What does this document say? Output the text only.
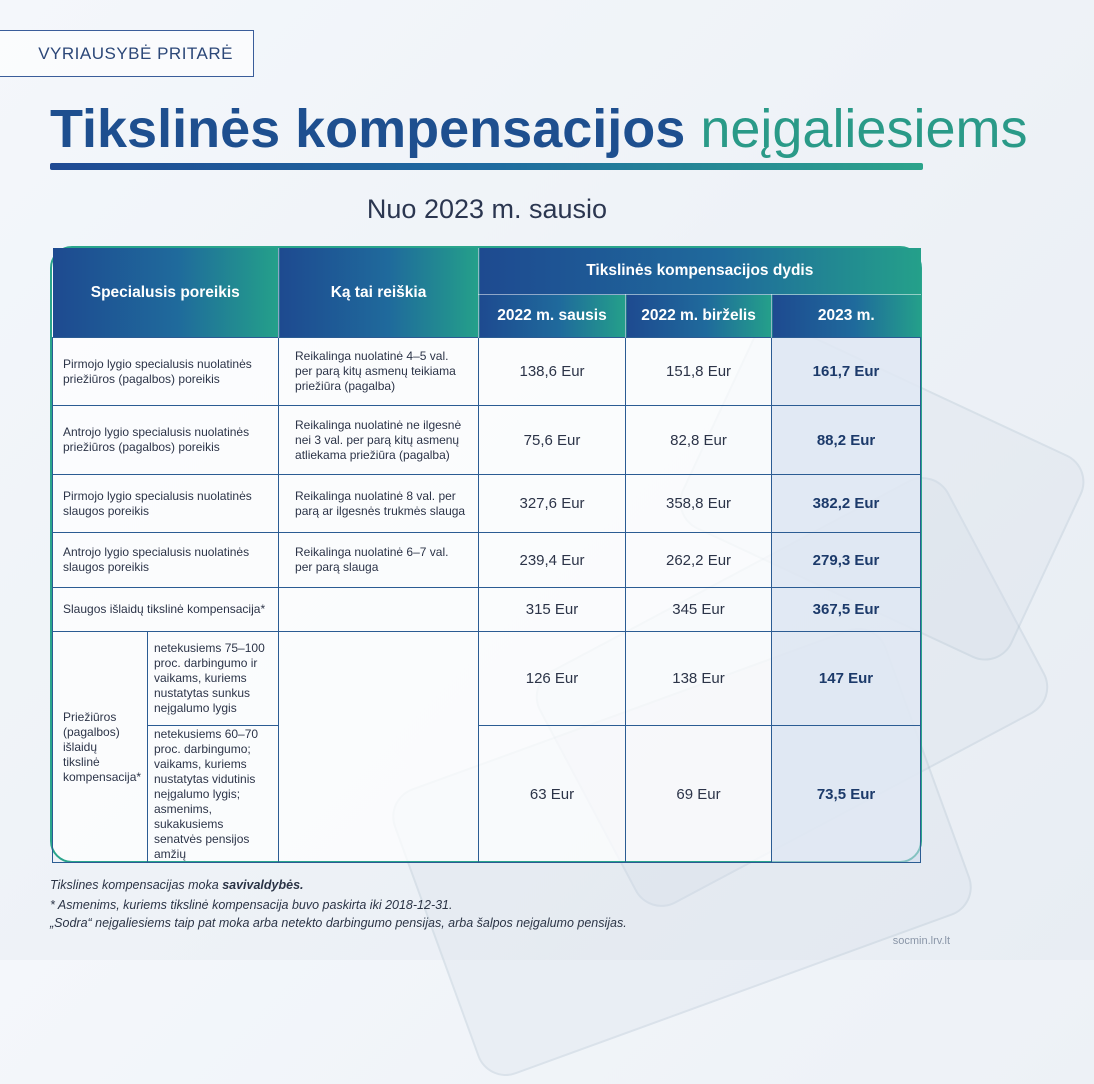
VYRIAUSYBĖ PRITARĖ
Tikslinės kompensacijos neįgaliesiems
Nuo 2023 m. sausio
Specialusis poreikis		Ką tai reiškia	Tikslinės kompensacijos dydis		
			2022 m. sausis	2022 m. birželis	2023 m.
Pirmojo lygio specialusis nuolatinės priežiūros (pagalbos) poreikis		Reikalinga nuolatinė 4–5 val. per parą kitų asmenų teikiama priežiūra (pagalba)	138,6 Eur	151,8 Eur	161,7 Eur
Antrojo lygio specialusis nuolatinės priežiūros (pagalbos) poreikis		Reikalinga nuolatinė ne ilgesnė nei 3 val. per parą kitų asmenų atliekama priežiūra (pagalba)	75,6 Eur	82,8 Eur	88,2 Eur
Pirmojo lygio specialusis nuolatinės slaugos poreikis		Reikalinga nuolatinė 8 val. per parą ar ilgesnės trukmės slauga	327,6 Eur	358,8 Eur	382,2 Eur
Antrojo lygio specialusis nuolatinės slaugos poreikis		Reikalinga nuolatinė 6–7 val. per parą slauga	239,4 Eur	262,2 Eur	279,3 Eur
Slaugos išlaidų tikslinė kompensacija*			315 Eur	345 Eur	367,5 Eur
Priežiūros (pagalbos) išlaidų tikslinė kompensacija*	netekusiems 75–100 proc. darbingumo ir vaikams, kuriems nustatytas sunkus neįgalumo lygis		126 Eur	138 Eur	147 Eur
	netekusiems 60–70 proc. darbingumo; vaikams, kuriems nustatytas vidutinis neįgalumo lygis; asmenims, sukakusiems senatvės pensijos amžių		63 Eur	69 Eur	73,5 Eur
Tikslines kompensacijas moka savivaldybės.
* Asmenims, kuriems tikslinė kompensacija buvo paskirta iki 2018-12-31.
„Sodra“ neįgaliesiems taip pat moka arba netekto darbingumo pensijas, arba šalpos neįgalumo pensijas.
socmin.lrv.lt
